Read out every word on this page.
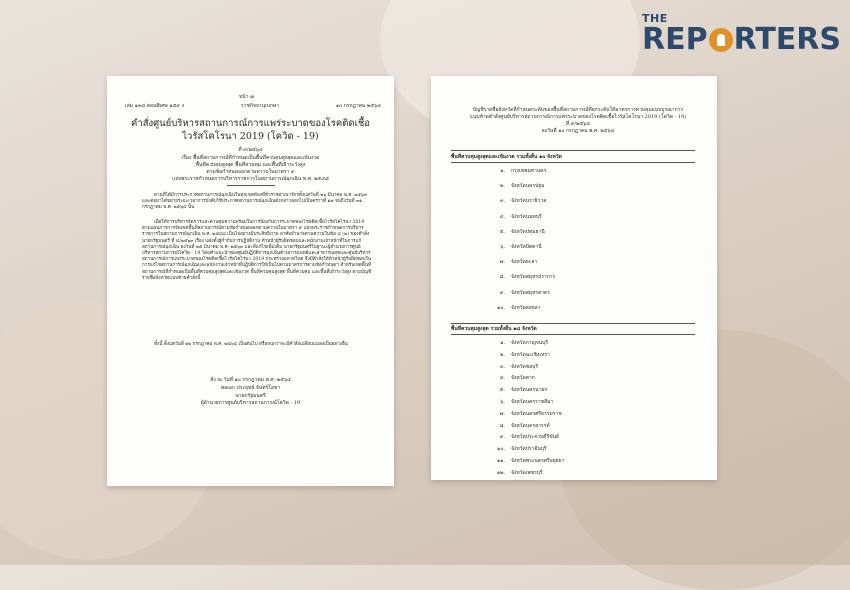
THE
REP RTERS
หน้า ๗
เล่ม ๑๓๘ ตอนพิเศษ ๑๕๙ ง	ราชกิจจานุเบกษา	๑๐ กรกฎาคม ๒๕๖๔
คำสั่งศูนย์บริหารสถานการณ์การแพร่ระบาดของโรคติดเชื้อ
ไวรัสโคโรนา 2019 (โควิด - 19)
ที่ ๙/๒๕๖๔
เรื่อง พื้นที่สถานการณ์ที่กำหนดเป็นพื้นที่ควบคุมสูงสุดและเข้มงวด
พื้นที่ควบคุมสูงสุด พื้นที่ควบคุม และพื้นที่เฝ้าระวังสูง
ตามข้อกำหนดออกตามความในมาตรา ๙
แห่งพระราชกำหนดการบริหารราชการในสถานการณ์ฉุกเฉิน พ.ศ. ๒๕๔๘
ตามที่ได้มีการประกาศสถานการณ์ฉุกเฉินในทุกเขตท้องที่ทั่วราชอาณาจักรตั้งแต่วันที่ ๒๖ มีนาคม พ.ศ. ๒๕๖๓ และต่อมาได้ขยายระยะเวลาการบังคับใช้ประกาศสถานการณ์ฉุกเฉินดังกล่าวออกไปเป็นคราวที่ ๑๒ จนถึงวันที่ ๓๑ กรกฎาคม พ.ศ. ๒๕๖๔ นั้น
เพื่อให้การบริหารจัดการและควบคุมความพร้อมในการป้องกันการระบาดของโรคติดเชื้อไวรัสโคโรนา 2019 ตามแผนการการจัดเขตพื้นที่สถานการณ์ตามข้อกำหนดออกตามความในมาตรา ๙ แห่งพระราชกำหนดการบริหารราชการในสถานการณ์ฉุกเฉิน พ.ศ. ๒๕๔๘ เป็นไปอย่างมีประสิทธิภาพ อาศัยอำนาจตามความในข้อ ๔ (๒) ของคำสั่งนายกรัฐมนตรี ที่ ๔/๒๕๖๓ เรื่อง แต่งตั้งผู้กำกับการปฏิบัติงาน หัวหน้าผู้รับผิดชอบและพนักงานเจ้าหน้าที่ในการแก้สถานการณ์ฉุกเฉิน ลงวันที่ ๒๕ มีนาคม พ.ศ. ๒๕๖๓ และที่แก้ไขเพิ่มเติม นายกรัฐมนตรีในฐานะผู้อำนวยการศูนย์บริหารสถานการณ์โควิด - 19 โดยคำแนะนำของศูนย์ปฏิบัติการฉุกเฉินด้านการแพทย์และสาธารณสุขและศูนย์บริหารสถานการณ์การแพร่ระบาดของโรคติดเชื้อไวรัสโคโรนา 2019 กระทรวงมหาดไทย จึงมีคำสั่งให้หัวหน้าผู้รับผิดชอบในการแก้ไขสถานการณ์ฉุกเฉินและพนักงานเจ้าหน้าที่ปฏิบัติการให้เป็นไปตามมาตรการตามข้อกำหนดฯ สำหรับเขตพื้นที่สถานการณ์ที่กำหนดเป็นพื้นที่ควบคุมสูงสุดและเข้มงวด พื้นที่ควบคุมสูงสุด พื้นที่ควบคุม และพื้นที่เฝ้าระวังสูง ตามบัญชีรายชื่อจังหวัดแนบท้ายคำสั่งนี้
ทั้งนี้ ตั้งแต่วันที่ ๑๒ กรกฎาคม พ.ศ. ๒๕๖๔ เป็นต้นไป หรือจนกว่าจะมีคำสั่งเปลี่ยนแปลงเป็นอย่างอื่น
สั่ง ณ วันที่ ๑๐ กรกฎาคม พ.ศ. ๒๕๖๔
พลเอก ประยุทธ์ จันทร์โอชา
นายกรัฐมนตรี
ผู้อำนวยการศูนย์บริหารสถานการณ์โควิด - 19
บัญชีรายชื่อจังหวัดที่กำหนดระดับของพื้นที่สถานการณ์ที่ยกระดับให้มาตรการควบคุมแบบบูรณาการ
แนบท้ายคำสั่งศูนย์บริหารสถานการณ์การแพร่ระบาดของโรคติดเชื้อไวรัสโคโรนา 2019 (โควิด - 19)
ที่ ๙/๒๕๖๔
ลงวันที่ ๑๐ กรกฎาคม พ.ศ. ๒๕๖๔
พื้นที่ควบคุมสูงสุดและเข้มงวด รวมทั้งสิ้น ๑๐ จังหวัด
๑. กรุงเทพมหานคร
๒. จังหวัดนครปฐม
๓. จังหวัดนราธิวาส
๔. จังหวัดนนทบุรี
๕. จังหวัดปทุมธานี
๖. จังหวัดปัตตานี
๗. จังหวัดยะลา
๘. จังหวัดสมุทรปราการ
๙. จังหวัดสมุทรสาคร
๑๐. จังหวัดสงขลา
พื้นที่ควบคุมสูงสุด รวมทั้งสิ้น ๑๘ จังหวัด
๑. จังหวัดกาญจนบุรี
๒. จังหวัดฉะเชิงเทรา
๓. จังหวัดชลบุรี
๔. จังหวัดตาก
๕. จังหวัดนครนายก
๖. จังหวัดนครราชสีมา
๗. จังหวัดนครศรีธรรมราช
๘. จังหวัดนครสวรรค์
๙. จังหวัดประจวบคีรีขันธ์
๑๐. จังหวัดปราจีนบุรี
๑๑. จังหวัดพระนครศรีอยุธยา
๑๒. จังหวัดเพชรบุรี
